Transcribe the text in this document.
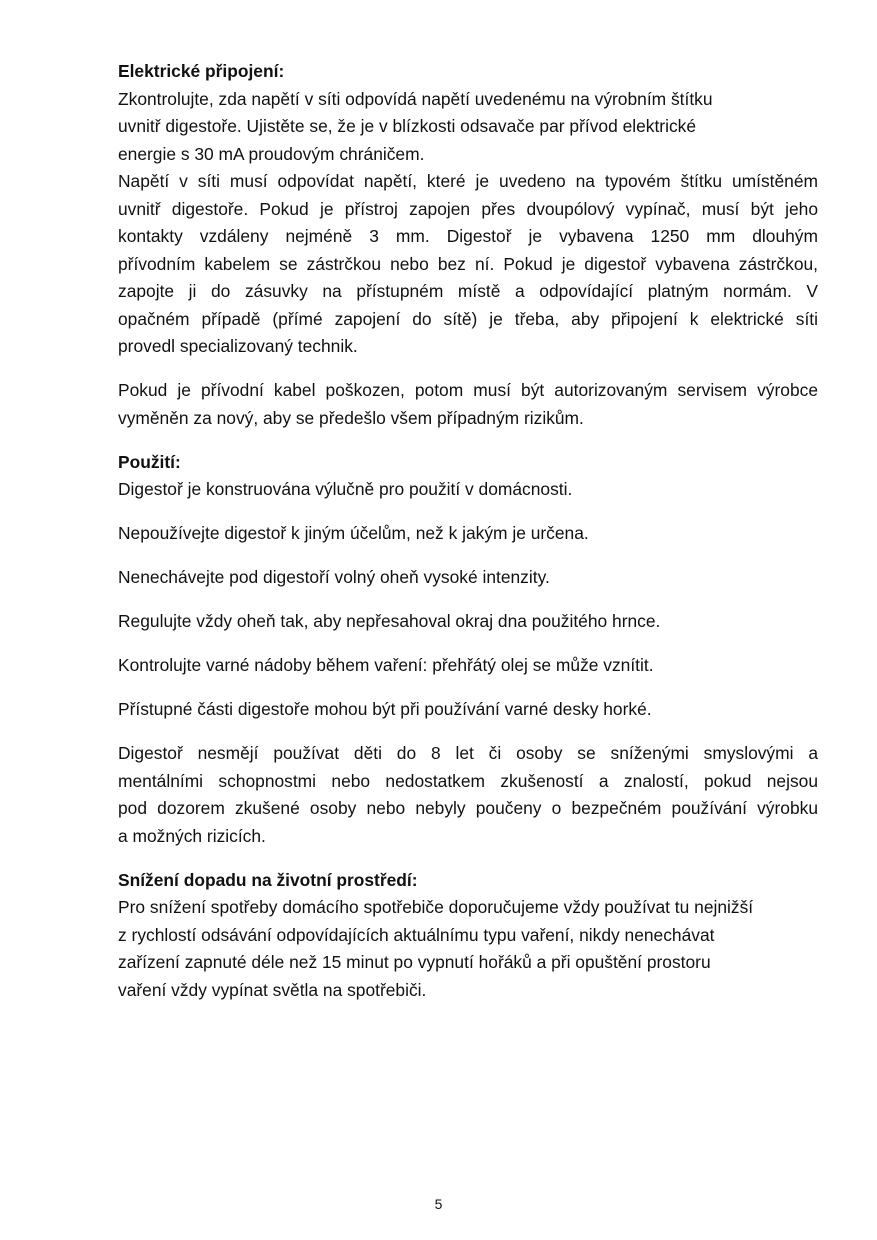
Elektrické připojení:

Zkontrolujte, zda napětí v síti odpovídá napětí uvedenému na výrobním štítku
uvnitř digestoře. Ujistěte se, že je v blízkosti odsavače par přívod elektrické
energie s 30 mA proudovým chráničem.

Napětí v síti musí odpovídat napětí, které je uvedeno na typovém štítku umístěném
uvnitř digestoře. Pokud je přístroj zapojen přes dvoupólový vypínač, musí být jeho
kontakty vzdáleny nejméně 3 mm. Digestoř je vybavena 1250 mm dlouhým
přívodním kabelem se zástrčkou nebo bez ní. Pokud je digestoř vybavena zástrčkou,
zapojte ji do zásuvky na přístupném místě a odpovídající platným normám. V
opačném případě (přímé zapojení do sítě) je třeba, aby připojení k elektrické síti
provedl specializovaný technik.

Pokud je přívodní kabel poškozen, potom musí být autorizovaným servisem výrobce
vyměněn za nový, aby se předešlo všem případným rizikům.

Použití:

Digestoř je konstruována výlučně pro použití v domácnosti.

Nepoužívejte digestoř k jiným účelům, než k jakým je určena.

Nenechávejte pod digestoří volný oheň vysoké intenzity.

Regulujte vždy oheň tak, aby nepřesahoval okraj dna použitého hrnce.

Kontrolujte varné nádoby během vaření: přehřátý olej se může vznítit.

Přístupné části digestoře mohou být při používání varné desky horké.

Digestoř nesmějí používat děti do 8 let či osoby se sníženými smyslovými a
mentálními schopnostmi nebo nedostatkem zkušeností a znalostí, pokud nejsou
pod dozorem zkušené osoby nebo nebyly poučeny o bezpečném používání výrobku
a možných rizicích.

Snížení dopadu na životní prostředí:

Pro snížení spotřeby domácího spotřebiče doporučujeme vždy používat tu nejnižší
z rychlostí odsávání odpovídajících aktuálnímu typu vaření, nikdy nenechávat
zařízení zapnuté déle než 15 minut po vypnutí hořáků a při opuštění prostoru
vaření vždy vypínat světla na spotřebiči.

5
